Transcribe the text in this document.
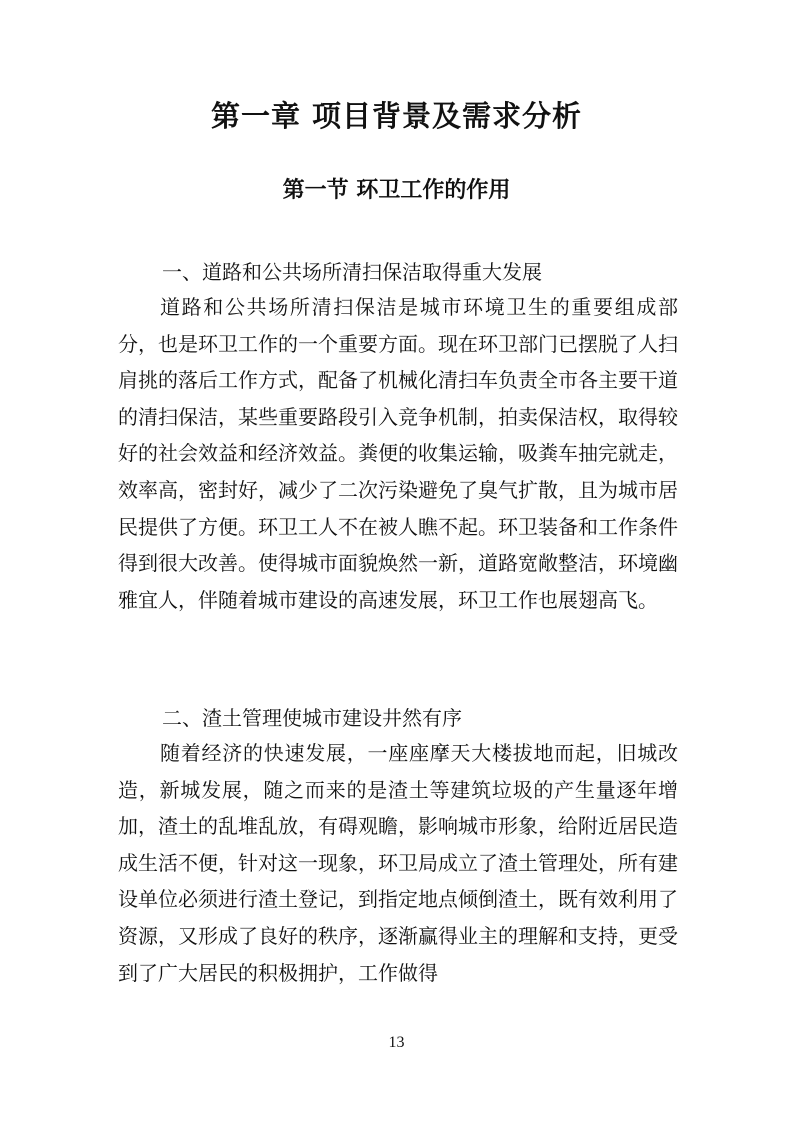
第一章 项目背景及需求分析
第一节 环卫工作的作用
一、道路和公共场所清扫保洁取得重大发展

道路和公共场所清扫保洁是城市环境卫生的重要组成部分，也是环卫工作的一个重要方面。现在环卫部门已摆脱了人扫肩挑的落后工作方式，配备了机械化清扫车负责全市各主要干道的清扫保洁，某些重要路段引入竞争机制，拍卖保洁权，取得较好的社会效益和经济效益。粪便的收集运输，吸粪车抽完就走，效率高，密封好，减少了二次污染避免了臭气扩散，且为城市居民提供了方便。环卫工人不在被人瞧不起。环卫装备和工作条件得到很大改善。使得城市面貌焕然一新，道路宽敞整洁，环境幽雅宜人，伴随着城市建设的高速发展，环卫工作也展翅高飞。

二、渣土管理使城市建设井然有序

随着经济的快速发展，一座座摩天大楼拔地而起，旧城改造，新城发展，随之而来的是渣土等建筑垃圾的产生量逐年增加，渣土的乱堆乱放，有碍观瞻，影响城市形象，给附近居民造成生活不便，针对这一现象，环卫局成立了渣土管理处，所有建设单位必须进行渣土登记，到指定地点倾倒渣土，既有效利用了资源，又形成了良好的秩序，逐渐赢得业主的理解和支持，更受到了广大居民的积极拥护，工作做得

13
